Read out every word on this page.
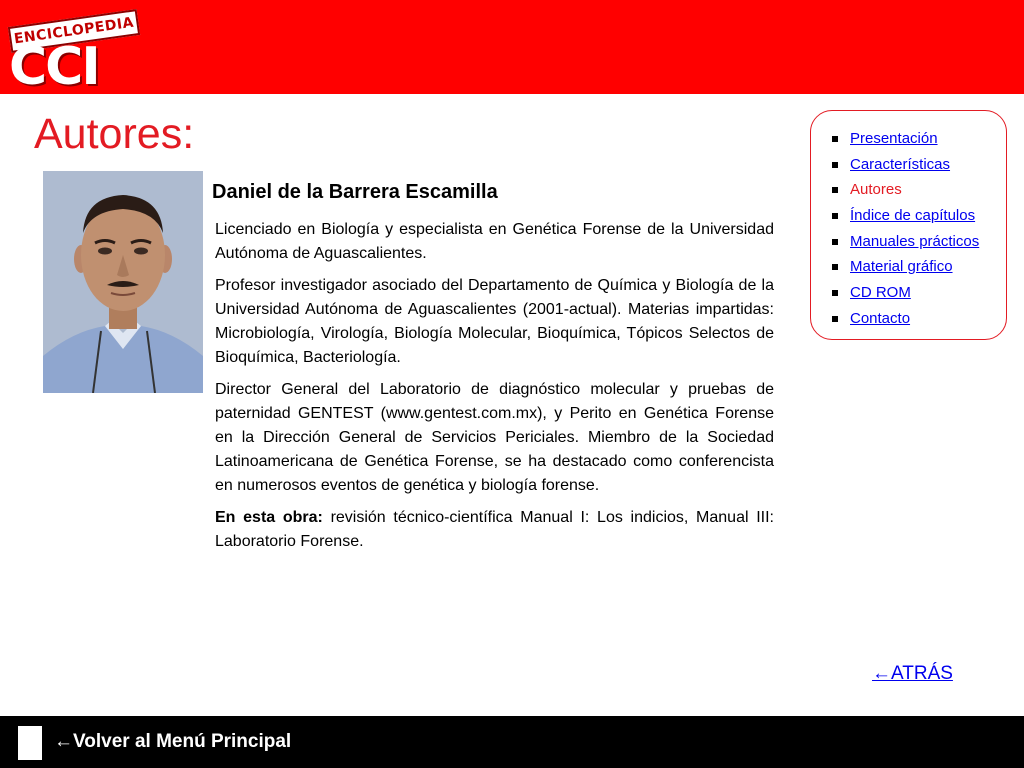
ENCICLOPEDIA
CCI
Autores:
Daniel de la Barrera Escamilla

Licenciado en Biología y especialista en Genética Forense de la Universidad Autónoma de Aguascalientes.

Profesor investigador asociado del Departamento de Química y Biología de la Universidad Autónoma de Aguascalientes (2001-actual). Materias impartidas: Microbiología, Virología, Biología Molecular, Bioquímica, Tópicos Selectos de Bioquímica, Bacteriología.

Director General del Laboratorio de diagnóstico molecular y pruebas de paternidad GENTEST (www.gentest.com.mx), y Perito en Genética Forense en la Dirección General de Servicios Periciales. Miembro de la Sociedad Latinoamericana de Genética Forense, se ha destacado como conferencista en numerosos eventos de genética y biología forense.

En esta obra: revisión técnico-científica Manual I: Los indicios, Manual III: Laboratorio Forense.

Presentación
Características
Autores
Índice de capítulos
Manuales prácticos
Material gráfico
CD ROM
Contacto
←ATRÁS
←Volver al Menú Principal
